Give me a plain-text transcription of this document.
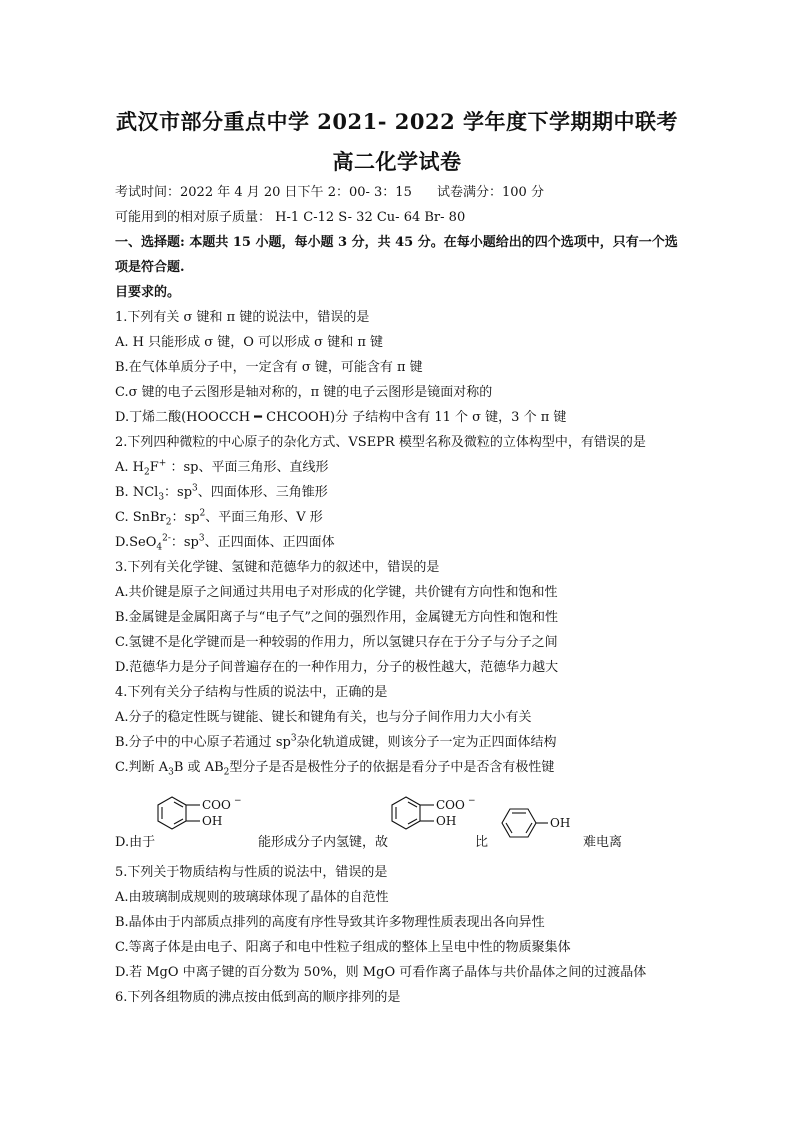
武汉市部分重点中学 2021- 2022 学年度下学期期中联考
高二化学试卷
考试时间：2022 年 4 月 20 日下午 2：00- 3：15 试卷满分：100 分
可能用到的相对原子质量： H-1 C-12 S- 32 Cu- 64 Br- 80
一、选择题: 本题共 15 小题，每小题 3 分，共 45 分。在每小题给出的四个选项中，只有一个选
项是符合题.
目要求的。
1.下列有关 σ 键和 π 键的说法中，错误的是
A. H 只能形成 σ 键，O 可以形成 σ 键和 π 键
B.在气体单质分子中，一定含有 σ 键，可能含有 π 键
C.σ 键的电子云图形是轴对称的，π 键的电子云图形是镜面对称的
D.丁烯二酸(HOOCCH ━ CHCOOH)分 子结构中含有 11 个 σ 键，3 个 π 键
2.下列四种微粒的中心原子的杂化方式、VSEPR 模型名称及微粒的立体构型中，有错误的是
A. $H_2F^+$ ：sp、平面三角形、直线形
B. NCl$_3$：$sp^3$、四面体形、三角锥形
C. SnBr$_2$：$sp^2$、平面三角形、V 形
D.SeO$_4^{2-}$：$sp^3$、正四面体、正四面体
3.下列有关化学键、氢键和范德华力的叙述中，错误的是
A.共价键是原子之间通过共用电子对形成的化学键，共价键有方向性和饱和性
B.金属键是金属阳离子与“电子气”之间的强烈作用，金属键无方向性和饱和性
C.氢键不是化学键而是一种较弱的作用力，所以氢键只存在于分子与分子之间
D.范德华力是分子间普遍存在的一种作用力，分子的极性越大，范德华力越大
4.下列有关分子结构与性质的说法中，正确的是
A.分子的稳定性既与键能、键长和键角有关，也与分子间作用力大小有关
B.分子中的中心原子若通过 $sp^3$杂化轨道成键，则该分子一定为正四面体结构
C.判断 $A_3B$ 或 $AB_2$型分子是否是极性分子的依据是看分子中是否含有极性键
D.由于	能形成分子内氢键，故	比	难电离
COO −
OH
COO −
OH	OH
5.下列关于物质结构与性质的说法中，错误的是
A.由玻璃制成规则的玻璃球体现了晶体的自范性
B.晶体由于内部质点排列的高度有序性导致其许多物理性质表现出各向异性
C.等离子体是由电子、阳离子和电中性粒子组成的整体上呈电中性的物质聚集体
D.若 MgO 中离子键的百分数为 50%，则 MgO 可看作离子晶体与共价晶体之间的过渡晶体
6.下列各组物质的沸点按由低到高的顺序排列的是
